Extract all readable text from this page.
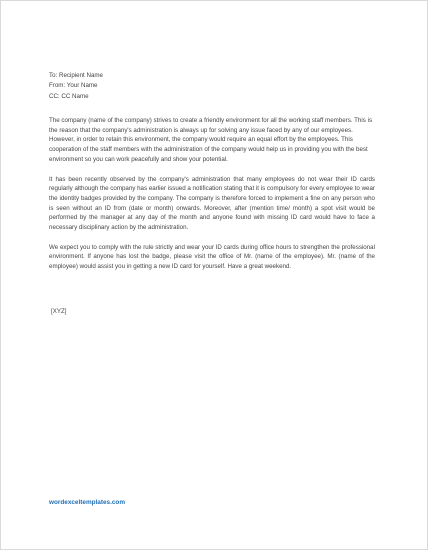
To: Recipient Name
From: Your Name
CC: CC Name

The company (name of the company) strives to create a friendly environment for all the working staff members. This is the reason that the company's administration is always up for solving any issue faced by any of our employees. However, in order to retain this environment, the company would require an equal effort by the employees. This cooperation of the staff members with the administration of the company would help us in providing you with the best environment so you can work peacefully and show your potential.

It has been recently observed by the company's administration that many employees do not wear their ID cards regularly although the company has earlier issued a notification stating that it is compulsory for every employee to wear the identity badges provided by the company. The company is therefore forced to implement a fine on any person who is seen without an ID from (date or month) onwards. Moreover, after (mention time/ month) a spot visit would be performed by the manager at any day of the month and anyone found with missing ID card would have to face a necessary disciplinary action by the administration.

We expect you to comply with the rule strictly and wear your ID cards during office hours to strengthen the professional environment. If anyone has lost the badge, please visit the office of Mr. (name of the employee). Mr. (name of the employee) would assist you in getting a new ID card for yourself. Have a great weekend.

[XYZ]
wordexceltemplates.com
